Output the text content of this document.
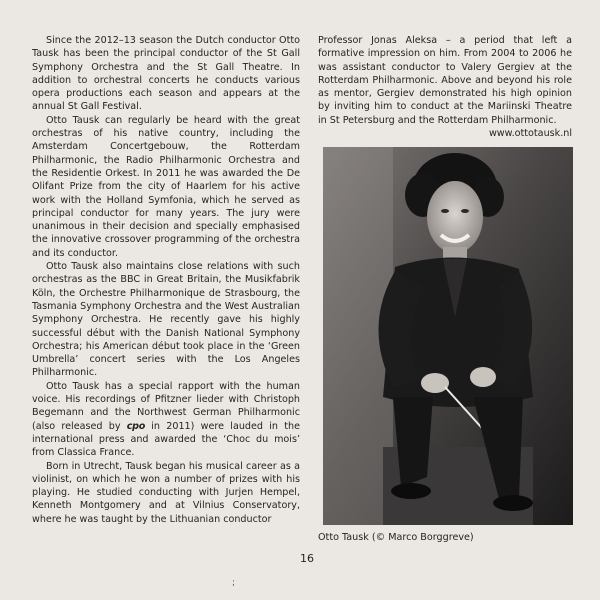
Since the 2012–13 season the Dutch conductor Otto Tausk has been the principal conductor of the St Gall Symphony Orchestra and the St Gall Theatre. In addition to orchestral concerts he conducts various opera productions each season and appears at the annual St Gall Festival.

Otto Tausk can regularly be heard with the great orchestras of his native country, including the Amsterdam Concertgebouw, the Rotterdam Philharmonic, the Radio Philharmonic Orchestra and the Residentie Orkest. In 2011 he was awarded the De Olifant Prize from the city of Haarlem for his active work with the Holland Symfonia, which he served as principal conductor for many years. The jury were unanimous in their decision and specially emphasised the innovative crossover programming of the orchestra and its conductor.

Otto Tausk also maintains close relations with such orchestras as the BBC in Great Britain, the Musikfabrik Köln, the Orchestre Philharmonique de Strasbourg, the Tasmania Symphony Orchestra and the West Australian Symphony Orchestra. He recently gave his highly successful début with the Danish National Symphony Orchestra; his American début took place in the ‘Green Umbrella’ concert series with the Los Angeles Philharmonic.

Otto Tausk has a special rapport with the human voice. His recordings of Pfitzner lieder with Christoph Begemann and the Northwest German Philharmonic (also released by cpo in 2011) were lauded in the international press and awarded the ‘Choc du mois’ from Classica France.

Born in Utrecht, Tausk began his musical career as a violinist, on which he won a number of prizes with his playing. He studied conducting with Jurjen Hempel, Kenneth Montgomery and at Vilnius Conservatory, where he was taught by the Lithuanian conductor

Professor Jonas Aleksa – a period that left a formative impression on him. From 2004 to 2006 he was assistant conductor to Valery Gergiev at the Rotterdam Philharmonic. Above and beyond his role as mentor, Gergiev demonstrated his high opinion by inviting him to conduct at the Mariinski Theatre in St Petersburg and the Rotterdam Philharmonic.
www.ottotausk.nl

Otto Tausk (© Marco Borggreve)
16
;
